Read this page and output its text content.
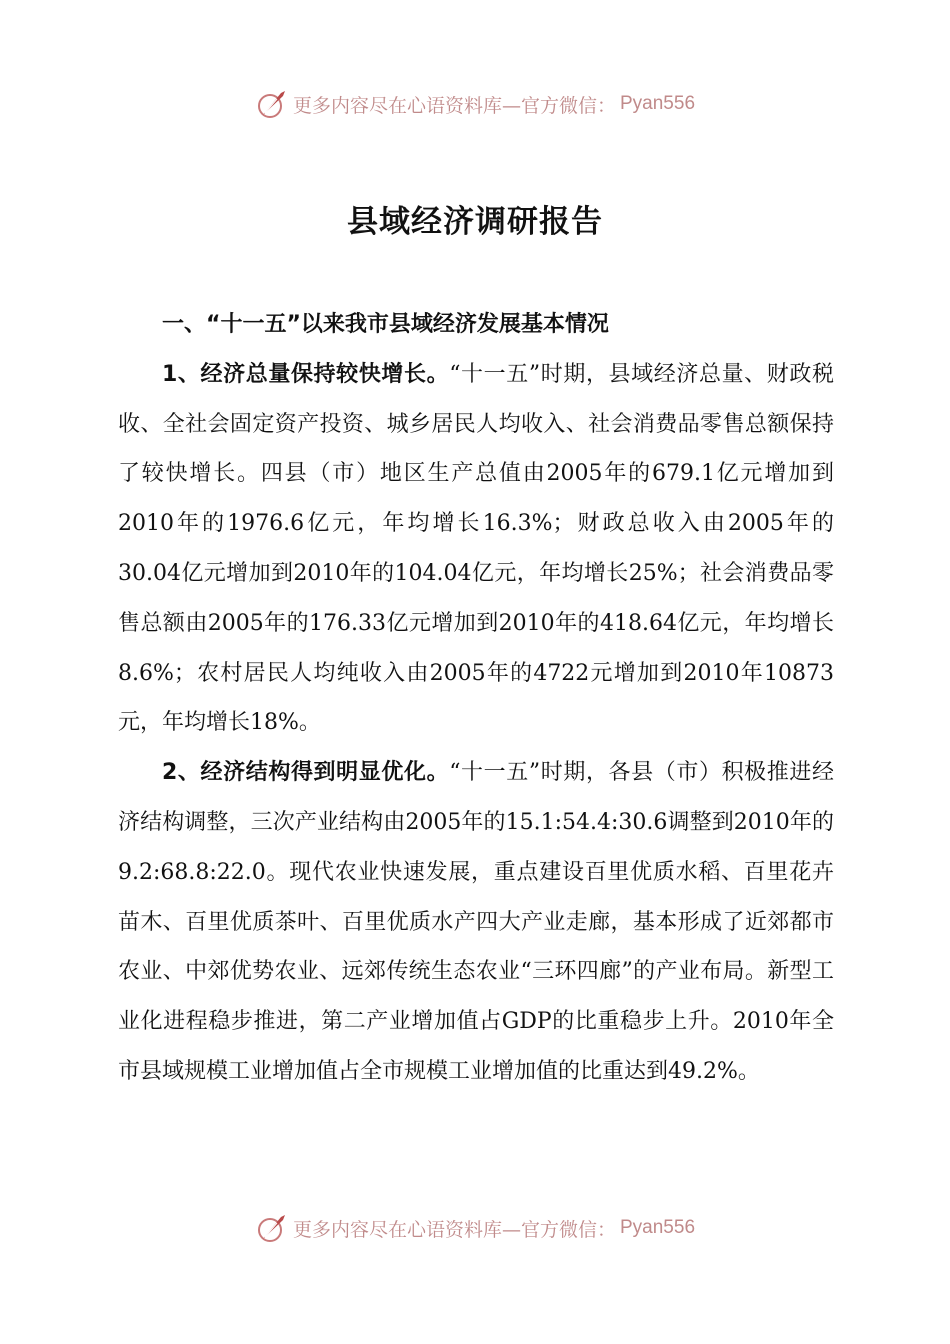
更多内容尽在心语资料库—官方微信： Pyan556
县域经济调研报告

一、“十一五”以来我市县域经济发展基本情况

1、经济总量保持较快增长。“十一五”时期，县域经济总量、财政税收、全社会固定资产投资、城乡居民人均收入、社会消费品零售总额保持了较快增长。四县（市）地区生产总值由2005年的679.1亿元增加到2010年的1976.6亿元，年均增长16.3%；财政总收入由2005年的30.04亿元增加到2010年的104.04亿元，年均增长25%；社会消费品零售总额由2005年的176.33亿元增加到2010年的418.64亿元，年均增长8.6%；农村居民人均纯收入由2005年的4722元增加到2010年10873元，年均增长18%。

2、经济结构得到明显优化。“十一五”时期，各县（市）积极推进经济结构调整，三次产业结构由2005年的15.1:54.4:30.6调整到2010年的9.2:68.8:22.0。现代农业快速发展，重点建设百里优质水稻、百里花卉苗木、百里优质茶叶、百里优质水产四大产业走廊，基本形成了近郊都市农业、中郊优势农业、远郊传统生态农业“三环四廊”的产业布局。新型工业化进程稳步推进，第二产业增加值占GDP的比重稳步上升。2010年全市县域规模工业增加值占全市规模工业增加值的比重达到49.2%。

更多内容尽在心语资料库—官方微信： Pyan556
